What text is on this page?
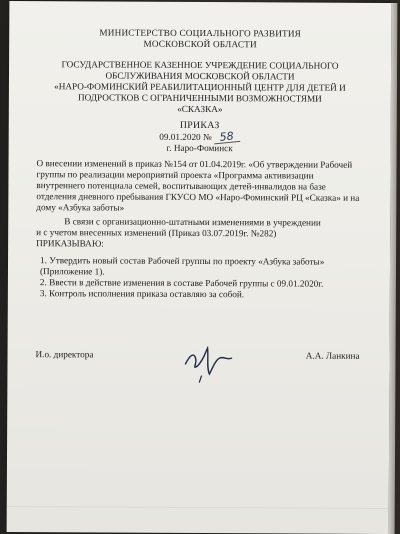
МИНИСТЕРСТВО СОЦИАЛЬНОГО РАЗВИТИЯ
МОСКОВСКОЙ ОБЛАСТИ
ГОСУДАРСТВЕННОЕ КАЗЕННОЕ УЧРЕЖДЕНИЕ СОЦИАЛЬНОГО
ОБСЛУЖИВАНИЯ МОСКОВСКОЙ ОБЛАСТИ
«НАРО-ФОМИНСКИЙ РЕАБИЛИТАЦИОННЫЙ ЦЕНТР ДЛЯ ДЕТЕЙ И
ПОДРОСТКОВ С ОГРАНИЧЕННЫМИ ВОЗМОЖНОСТЯМИ
«СКАЗКА»
ПРИКАЗ
09.01.2020 № 58
г. Наро-Фоминск
О внесении изменений в приказ №154 от 01.04.2019г. «Об утверждении Рабочей
группы по реализации мероприятий проекта «Программа активизации
внутреннего потенциала семей, воспитывающих детей-инвалидов на базе
отделения дневного пребывания ГКУСО МО «Наро-Фоминский РЦ «Сказка» и на
дому «Азбука заботы»
В связи с организационно-штатными изменениями в учреждении
и с учетом внесенных изменений (Приказ 03.07.2019г. №282)
ПРИКАЗЫВАЮ:
1. Утвердить новый состав Рабочей группы по проекту «Азбука заботы»
(Приложение 1).
2. Ввести в действие изменения в составе Рабочей группы с 09.01.2020г.
3. Контроль исполнения приказа оставляю за собой.
И.о. директора	А.А. Ланкина
